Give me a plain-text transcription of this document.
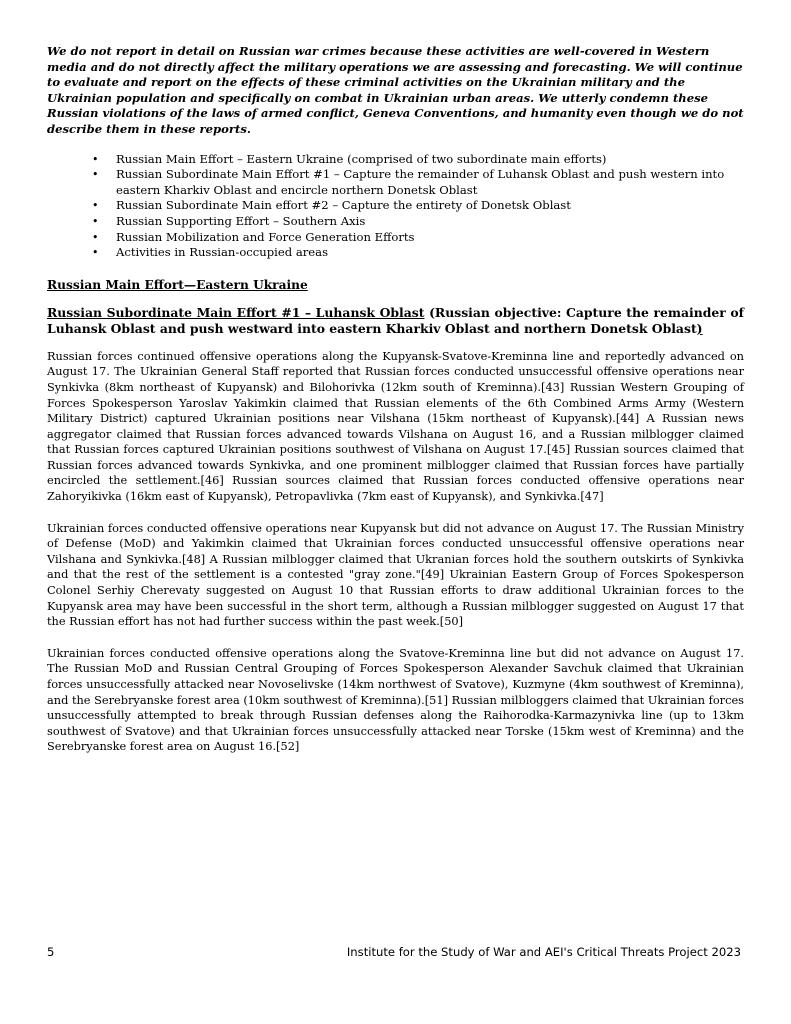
We do not report in detail on Russian war crimes because these activities are well-covered in Western media and do not directly affect the military operations we are assessing and forecasting. We will continue to evaluate and report on the effects of these criminal activities on the Ukrainian military and the Ukrainian population and specifically on combat in Ukrainian urban areas. We utterly condemn these Russian violations of the laws of armed conflict, Geneva Conventions, and humanity even though we do not describe them in these reports.

• Russian Main Effort – Eastern Ukraine (comprised of two subordinate main efforts)
• Russian Subordinate Main Effort #1 – Capture the remainder of Luhansk Oblast and push western into eastern Kharkiv Oblast and encircle northern Donetsk Oblast
• Russian Subordinate Main effort #2 – Capture the entirety of Donetsk Oblast
• Russian Supporting Effort – Southern Axis
• Russian Mobilization and Force Generation Efforts
• Activities in Russian-occupied areas
Russian Main Effort—Eastern Ukraine
Russian Subordinate Main Effort #1 – Luhansk Oblast (Russian objective: Capture the remainder of Luhansk Oblast and push westward into eastern Kharkiv Oblast and northern Donetsk Oblast)

Russian forces continued offensive operations along the Kupyansk-Svatove-Kreminna line and reportedly advanced on August 17. The Ukrainian General Staff reported that Russian forces conducted unsuccessful offensive operations near Synkivka (8km northeast of Kupyansk) and Bilohorivka (12km south of Kreminna).[43] Russian Western Grouping of Forces Spokesperson Yaroslav Yakimkin claimed that Russian elements of the 6th Combined Arms Army (Western Military District) captured Ukrainian positions near Vilshana (15km northeast of Kupyansk).[44] A Russian news aggregator claimed that Russian forces advanced towards Vilshana on August 16, and a Russian milblogger claimed that Russian forces captured Ukrainian positions southwest of Vilshana on August 17.[45] Russian sources claimed that Russian forces advanced towards Synkivka, and one prominent milblogger claimed that Russian forces have partially encircled the settlement.[46] Russian sources claimed that Russian forces conducted offensive operations near Zahoryikivka (16km east of Kupyansk), Petropavlivka (7km east of Kupyansk), and Synkivka.[47]

Ukrainian forces conducted offensive operations near Kupyansk but did not advance on August 17. The Russian Ministry of Defense (MoD) and Yakimkin claimed that Ukrainian forces conducted unsuccessful offensive operations near Vilshana and Synkivka.[48] A Russian milblogger claimed that Ukranian forces hold the southern outskirts of Synkivka and that the rest of the settlement is a contested "gray zone."[49] Ukrainian Eastern Group of Forces Spokesperson Colonel Serhiy Cherevaty suggested on August 10 that Russian efforts to draw additional Ukrainian forces to the Kupyansk area may have been successful in the short term, although a Russian milblogger suggested on August 17 that the Russian effort has not had further success within the past week.[50]

Ukrainian forces conducted offensive operations along the Svatove-Kreminna line but did not advance on August 17. The Russian MoD and Russian Central Grouping of Forces Spokesperson Alexander Savchuk claimed that Ukrainian forces unsuccessfully attacked near Novoselivske (14km northwest of Svatove), Kuzmyne (4km southwest of Kreminna), and the Serebryanske forest area (10km southwest of Kreminna).[51] Russian milbloggers claimed that Ukrainian forces unsuccessfully attempted to break through Russian defenses along the Raihorodka-Karmazynivka line (up to 13km southwest of Svatove) and that Ukrainian forces unsuccessfully attacked near Torske (15km west of Kreminna) and the Serebryanske forest area on August 16.[52]

5	Institute for the Study of War and AEI's Critical Threats Project 2023
